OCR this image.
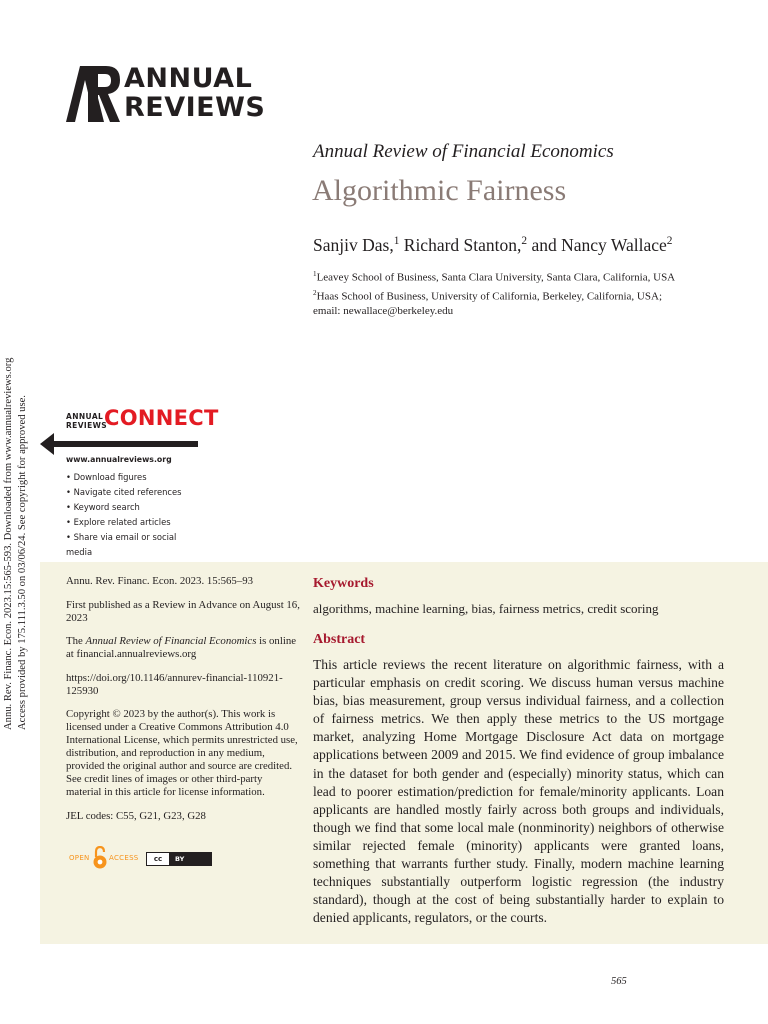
Annu. Rev. Financ. Econ. 2023.15:565-593. Downloaded from www.annualreviews.org Access provided by 175.111.3.50 on 03/06/24. See copyright for approved use.
ANNUAL
REVIEWS
Annual Review of Financial Economics
Algorithmic Fairness
Sanjiv Das,$^1$ Richard Stanton,$^2$ and Nancy Wallace$^2$
$^1$Leavey School of Business, Santa Clara University, Santa Clara, California, USA
$^2$Haas School of Business, University of California, Berkeley, California, USA;
email: newallace@berkeley.edu
ANNUAL
REVIEWS
CONNECT
www.annualreviews.org
• Download figures
• Navigate cited references
• Keyword search
• Explore related articles
• Share via email or social media

Annu. Rev. Financ. Econ. 2023. 15:565–93

First published as a Review in Advance on August 16, 2023

The Annual Review of Financial Economics is online at financial.annualreviews.org

https://doi.org/10.1146/annurev-financial-110921-125930

Copyright © 2023 by the author(s). This work is licensed under a Creative Commons Attribution 4.0 International License, which permits unrestricted use, distribution, and reproduction in any medium, provided the original author and source are credited. See credit lines of images or other third-party material in this article for license information.

JEL codes: C55, G21, G23, G28

OPEN	ACCESS	cc	BY
Keywords
algorithms, machine learning, bias, fairness metrics, credit scoring
Abstract
This article reviews the recent literature on algorithmic fairness, with a particular emphasis on credit scoring. We discuss human versus machine bias, bias measurement, group versus individual fairness, and a collection of fairness metrics. We then apply these metrics to the US mortgage market, analyzing Home Mortgage Disclosure Act data on mortgage applications between 2009 and 2015. We find evidence of group imbalance in the dataset for both gender and (especially) minority status, which can lead to poorer estimation/prediction for female/minority applicants. Loan applicants are handled mostly fairly across both groups and individuals, though we find that some local male (nonminority) neighbors of otherwise similar rejected female (minority) applicants were granted loans, something that warrants further study. Finally, modern machine learning techniques substantially outperform logistic regression (the industry standard), though at the cost of being substantially harder to explain to denied applicants, regulators, or the courts.
565
